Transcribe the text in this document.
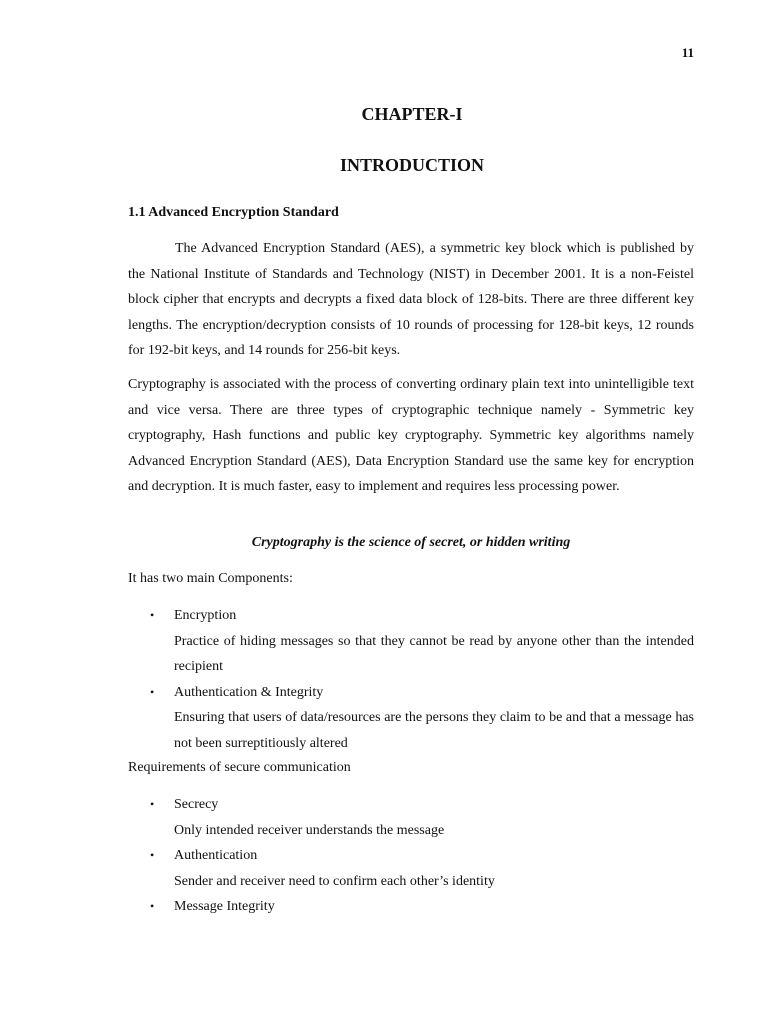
11
CHAPTER-I
INTRODUCTION
1.1 Advanced Encryption Standard

The Advanced Encryption Standard (AES), a symmetric key block which is published by the National Institute of Standards and Technology (NIST) in December 2001. It is a non-Feistel block cipher that encrypts and decrypts a fixed data block of 128-bits. There are three different key lengths. The encryption/decryption consists of 10 rounds of processing for 128-bit keys, 12 rounds for 192-bit keys, and 14 rounds for 256-bit keys.

Cryptography is associated with the process of converting ordinary plain text into unintelligible text and vice versa. There are three types of cryptographic technique namely - Symmetric key cryptography, Hash functions and public key cryptography. Symmetric key algorithms namely Advanced Encryption Standard (AES), Data Encryption Standard use the same key for encryption and decryption. It is much faster, easy to implement and requires less processing power.

Cryptography is the science of secret, or hidden writing
It has two main Components:
• Encryption
Practice of hiding messages so that they cannot be read by anyone other than the intended recipient
• Authentication & Integrity
Ensuring that users of data/resources are the persons they claim to be and that a message has not been surreptitiously altered
Requirements of secure communication
• Secrecy
Only intended receiver understands the message
• Authentication
Sender and receiver need to confirm each other’s identity
• Message Integrity
